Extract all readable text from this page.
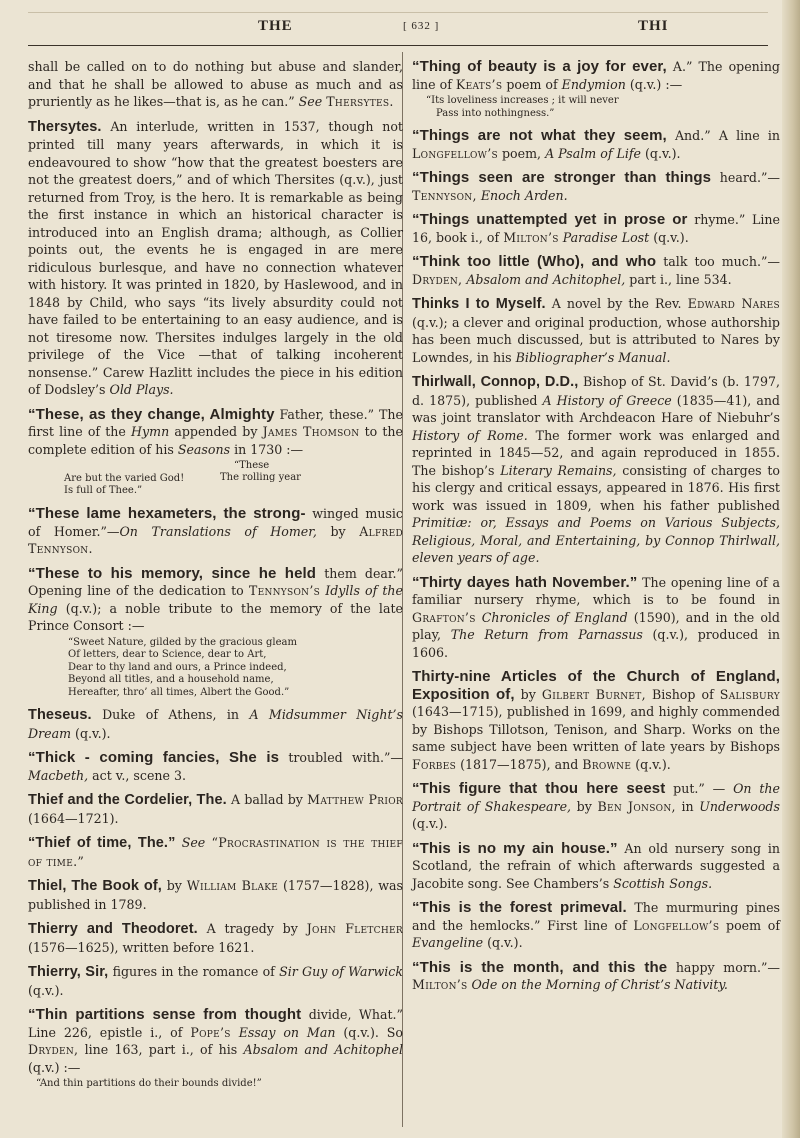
THE	[ 632 ]	THI

shall be called on to do nothing but abuse and slander, and that he shall be allowed to abuse as much and as pruriently as he likes—that is, as he can.” See Thersytes.

Thersytes. An interlude, written in 1537, though not printed till many years afterwards, in which it is endeavoured to show “how that the greatest boesters are not the greatest doers,” and of which Thersites (q.v.), just returned from Troy, is the hero. It is remarkable as being the first instance in which an historical character is introduced into an English drama; although, as Collier points out, the events he is engaged in are mere ridiculous burlesque, and have no connection whatever with history. It was printed in 1820, by Haslewood, and in 1848 by Child, who says “its lively absurdity could not have failed to be entertaining to an easy audience, and is not tiresome now. Thersites indulges largely in the old privilege of the Vice —that of talking incoherent nonsense.” Carew Hazlitt includes the piece in his edition of Dodsley’s Old Plays.

“These, as they change, Almighty Father, these.” The first line of the Hymn appended by James Thomson to the complete edition of his Seasons in 1730 :—

Are but the varied God!
Is full of Thee.”
“These
The rolling year

“These lame hexameters, the strong- winged music of Homer.”—On Translations of Homer, by Alfred Tennyson.

“These to his memory, since he held them dear.” Opening line of the dedication to Tennyson’s Idylls of the King (q.v.); a noble tribute to the memory of the late Prince Consort :—

“Sweet Nature, gilded by the gracious gleam
Of letters, dear to Science, dear to Art,
Dear to thy land and ours, a Prince indeed,
Beyond all titles, and a household name,
Hereafter, thro’ all times, Albert the Good.”

Theseus. Duke of Athens, in A Midsummer Night’s Dream (q.v.).

“Thick - coming fancies, She is troubled with.”—Macbeth, act v., scene 3.

Thief and the Cordelier, The. A ballad by Matthew Prior (1664—1721).

“Thief of time, The.” See “Procrastination is the thief of time.”

Thiel, The Book of, by William Blake (1757—1828), was published in 1789.

Thierry and Theodoret. A tragedy by John Fletcher (1576—1625), written before 1621.

Thierry, Sir, figures in the romance of Sir Guy of Warwick (q.v.).

“Thin partitions sense from thought divide, What.” Line 226, epistle i., of Pope’s Essay on Man (q.v.). So Dryden, line 163, part i., of his Absalom and Achitophel (q.v.) :—

“And thin partitions do their bounds divide!”

“Thing of beauty is a joy for ever, A.” The opening line of Keats’s poem of Endymion (q.v.) :—

“Its loveliness increases ; it will never
Pass into nothingness.”

“Things are not what they seem, And.” A line in Longfellow’s poem, A Psalm of Life (q.v.).

“Things seen are stronger than things heard.”—Tennyson, Enoch Arden.

“Things unattempted yet in prose or rhyme.” Line 16, book i., of Milton’s Paradise Lost (q.v.).

“Think too little (Who), and who talk too much.”—Dryden, Absalom and Achitophel, part i., line 534.

Thinks I to Myself. A novel by the Rev. Edward Nares (q.v.); a clever and original production, whose authorship has been much discussed, but is attributed to Nares by Lowndes, in his Bibliographer’s Manual.

Thirlwall, Connop, D.D., Bishop of St. David’s (b. 1797, d. 1875), published A History of Greece (1835—41), and was joint translator with Archdeacon Hare of Niebuhr’s History of Rome. The former work was enlarged and reprinted in 1845—52, and again reproduced in 1855. The bishop’s Literary Remains, consisting of charges to his clergy and critical essays, appeared in 1876. His first work was issued in 1809, when his father published Primitiæ: or, Essays and Poems on Various Subjects, Religious, Moral, and Entertaining, by Connop Thirlwall, eleven years of age.

“Thirty dayes hath November.” The opening line of a familiar nursery rhyme, which is to be found in Grafton’s Chronicles of England (1590), and in the old play, The Return from Parnassus (q.v.), produced in 1606.

Thirty-nine Articles of the Church of England, Exposition of, by Gilbert Burnet, Bishop of Salisbury (1643—1715), published in 1699, and highly commended by Bishops Tillotson, Tenison, and Sharp. Works on the same subject have been written of late years by Bishops Forbes (1817—1875), and Browne (q.v.).

“This figure that thou here seest put.” — On the Portrait of Shakespeare, by Ben Jonson, in Underwoods (q.v.).

“This is no my ain house.” An old nursery song in Scotland, the refrain of which afterwards suggested a Jacobite song. See Chambers’s Scottish Songs.

“This is the forest primeval. The murmuring pines and the hemlocks.” First line of Longfellow’s poem of Evangeline (q.v.).

“This is the month, and this the happy morn.”—Milton’s Ode on the Morning of Christ’s Nativity.
